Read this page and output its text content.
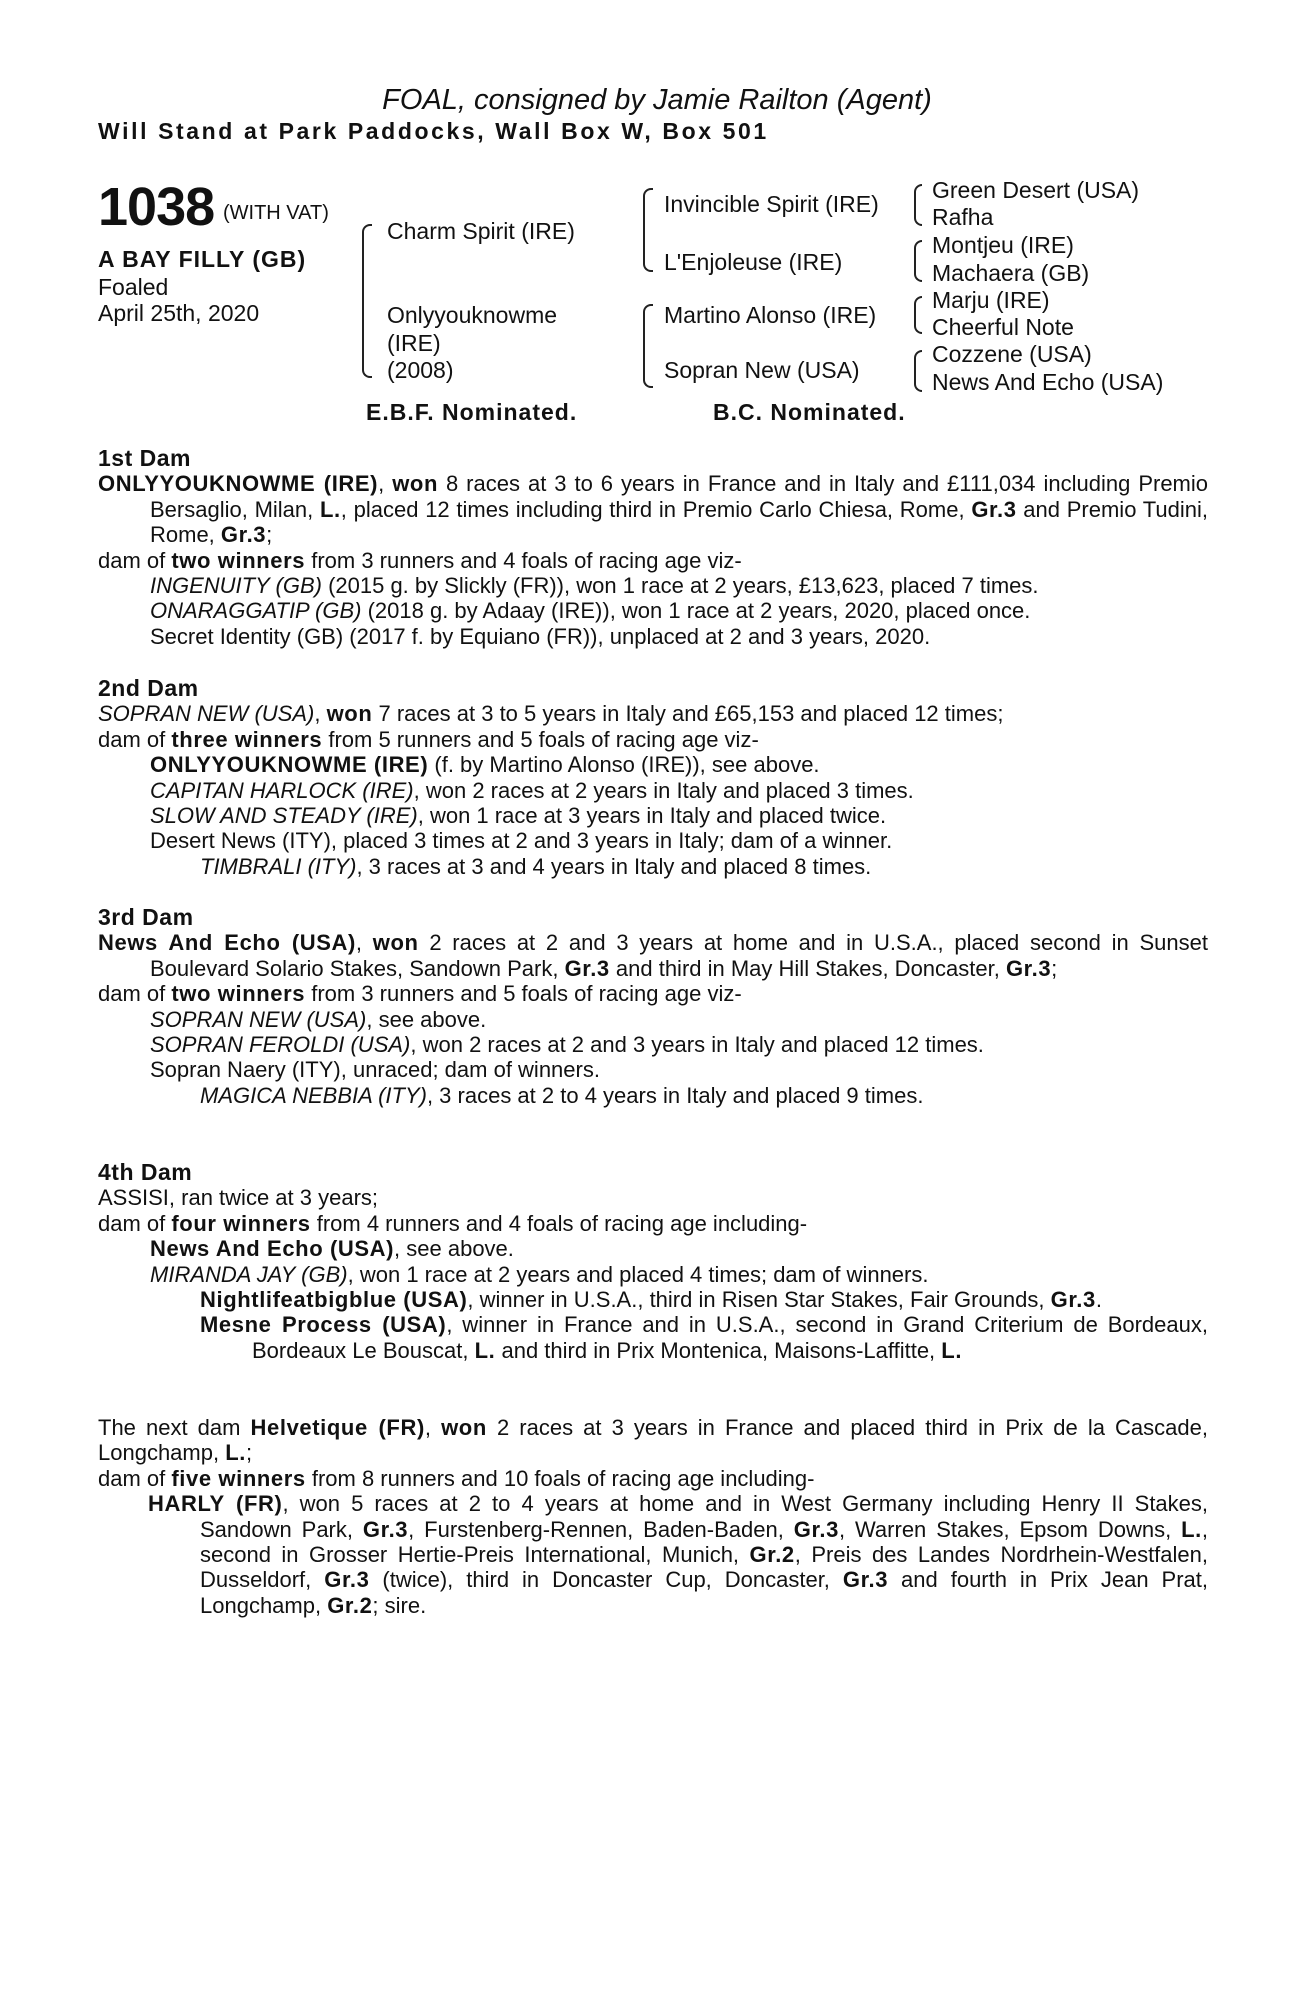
FOAL, consigned by Jamie Railton (Agent)
Will Stand at Park Paddocks, Wall Box W, Box 501
1038 (WITH VAT)
A BAY FILLY (GB)
Foaled
April 25th, 2020
Charm Spirit (IRE)
Onlyyouknowme
(IRE)
(2008)
Invincible Spirit (IRE)
L'Enjoleuse (IRE)
Martino Alonso (IRE)
Sopran New (USA)
Green Desert (USA)
Rafha
Montjeu (IRE)
Machaera (GB)
Marju (IRE)
Cheerful Note
Cozzene (USA)
News And Echo (USA)
E.B.F. Nominated.	B.C. Nominated.

1st Dam

ONLYYOUKNOWME (IRE), won 8 races at 3 to 6 years in France and in Italy and £111,034 including Premio Bersaglio, Milan, L., placed 12 times including third in Premio Carlo Chiesa, Rome, Gr.3 and Premio Tudini, Rome, Gr.3;

dam of two winners from 3 runners and 4 foals of racing age viz-

INGENUITY (GB) (2015 g. by Slickly (FR)), won 1 race at 2 years, £13,623, placed 7 times.

ONARAGGATIP (GB) (2018 g. by Adaay (IRE)), won 1 race at 2 years, 2020, placed once.

Secret Identity (GB) (2017 f. by Equiano (FR)), unplaced at 2 and 3 years, 2020.

2nd Dam

SOPRAN NEW (USA), won 7 races at 3 to 5 years in Italy and £65,153 and placed 12 times;

dam of three winners from 5 runners and 5 foals of racing age viz-

ONLYYOUKNOWME (IRE) (f. by Martino Alonso (IRE)), see above.

CAPITAN HARLOCK (IRE), won 2 races at 2 years in Italy and placed 3 times.

SLOW AND STEADY (IRE), won 1 race at 3 years in Italy and placed twice.

Desert News (ITY), placed 3 times at 2 and 3 years in Italy; dam of a winner.

TIMBRALI (ITY), 3 races at 3 and 4 years in Italy and placed 8 times.

3rd Dam

News And Echo (USA), won 2 races at 2 and 3 years at home and in U.S.A., placed second in Sunset Boulevard Solario Stakes, Sandown Park, Gr.3 and third in May Hill Stakes, Doncaster, Gr.3;

dam of two winners from 3 runners and 5 foals of racing age viz-

SOPRAN NEW (USA), see above.

SOPRAN FEROLDI (USA), won 2 races at 2 and 3 years in Italy and placed 12 times.

Sopran Naery (ITY), unraced; dam of winners.

MAGICA NEBBIA (ITY), 3 races at 2 to 4 years in Italy and placed 9 times.

4th Dam

ASSISI, ran twice at 3 years;

dam of four winners from 4 runners and 4 foals of racing age including-

News And Echo (USA), see above.

MIRANDA JAY (GB), won 1 race at 2 years and placed 4 times; dam of winners.

Nightlifeatbigblue (USA), winner in U.S.A., third in Risen Star Stakes, Fair Grounds, Gr.3.

Mesne Process (USA), winner in France and in U.S.A., second in Grand Criterium de Bordeaux, Bordeaux Le Bouscat, L. and third in Prix Montenica, Maisons-Laffitte, L.

The next dam Helvetique (FR), won 2 races at 3 years in France and placed third in Prix de la Cascade, Longchamp, L.;

dam of five winners from 8 runners and 10 foals of racing age including-

HARLY (FR), won 5 races at 2 to 4 years at home and in West Germany including Henry II Stakes, Sandown Park, Gr.3, Furstenberg-Rennen, Baden-Baden, Gr.3, Warren Stakes, Epsom Downs, L., second in Grosser Hertie-Preis International, Munich, Gr.2, Preis des Landes Nordrhein-Westfalen, Dusseldorf, Gr.3 (twice), third in Doncaster Cup, Doncaster, Gr.3 and fourth in Prix Jean Prat, Longchamp, Gr.2; sire.
